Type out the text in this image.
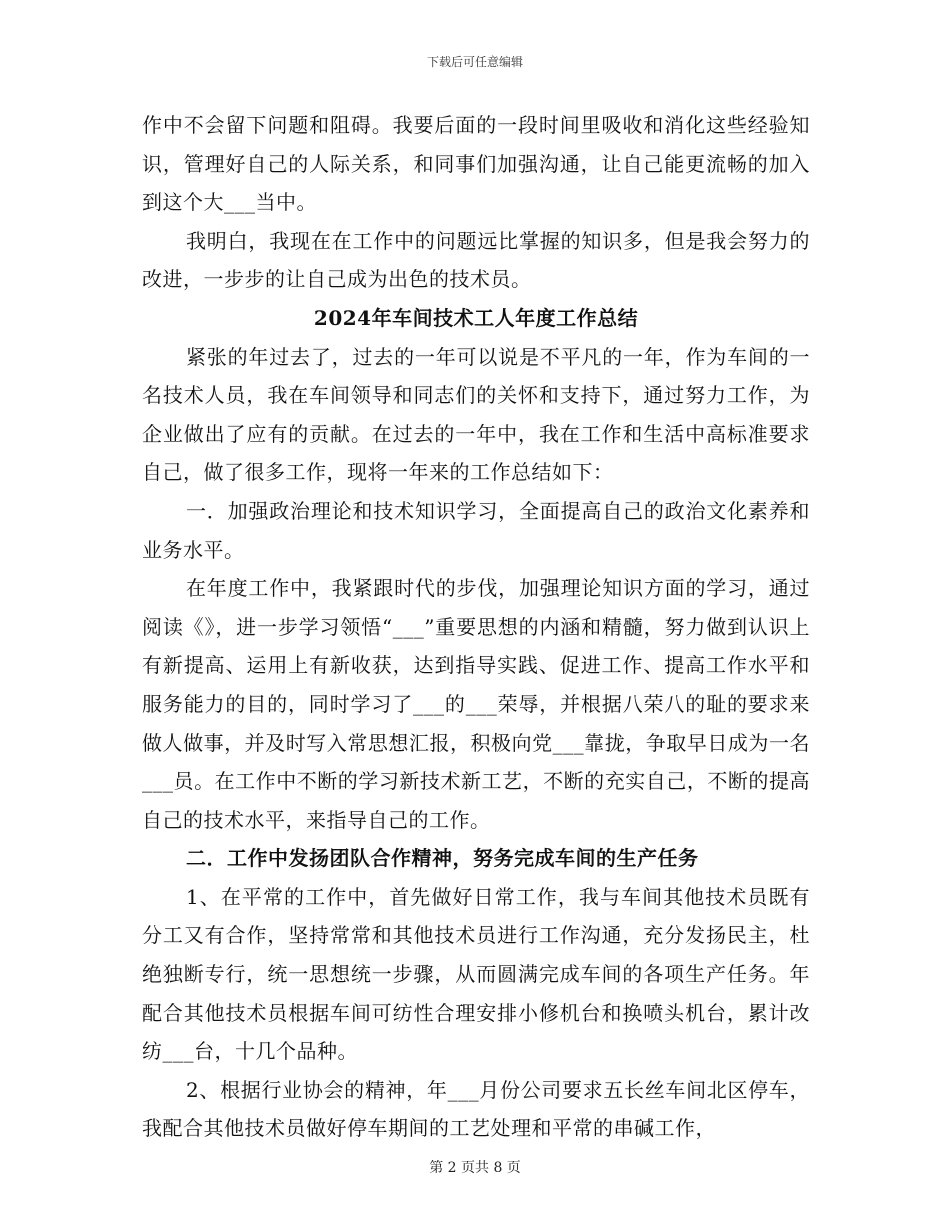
下载后可任意编辑

作中不会留下问题和阻碍。我要后面的一段时间里吸收和消化这些经验知识，管理好自己的人际关系，和同事们加强沟通，让自己能更流畅的加入到这个大___当中。

我明白，我现在在工作中的问题远比掌握的知识多，但是我会努力的改进，一步步的让自己成为出色的技术员。

2024年车间技术工人年度工作总结

紧张的年过去了，过去的一年可以说是不平凡的一年，作为车间的一名技术人员，我在车间领导和同志们的关怀和支持下，通过努力工作，为企业做出了应有的贡献。在过去的一年中，我在工作和生活中高标准要求自己，做了很多工作，现将一年来的工作总结如下：

一．加强政治理论和技术知识学习，全面提高自己的政治文化素养和业务水平。

在年度工作中，我紧跟时代的步伐，加强理论知识方面的学习，通过阅读《》，进一步学习领悟“___”重要思想的内涵和精髓，努力做到认识上有新提高、运用上有新收获，达到指导实践、促进工作、提高工作水平和服务能力的目的，同时学习了___的___荣辱，并根据八荣八的耻的要求来做人做事，并及时写入常思想汇报，积极向党___靠拢，争取早日成为一名___员。在工作中不断的学习新技术新工艺，不断的充实自己，不断的提高自己的技术水平，来指导自己的工作。

二．工作中发扬团队合作精神，努务完成车间的生产任务

1、在平常的工作中，首先做好日常工作，我与车间其他技术员既有分工又有合作，坚持常常和其他技术员进行工作沟通，充分发扬民主，杜绝独断专行，统一思想统一步骤，从而圆满完成车间的各项生产任务。年配合其他技术员根据车间可纺性合理安排小修机台和换喷头机台，累计改纺___台，十几个品种。

2、根据行业协会的精神，年___月份公司要求五长丝车间北区停车，我配合其他技术员做好停车期间的工艺处理和平常的串碱工作，

第 2 页共 8 页
